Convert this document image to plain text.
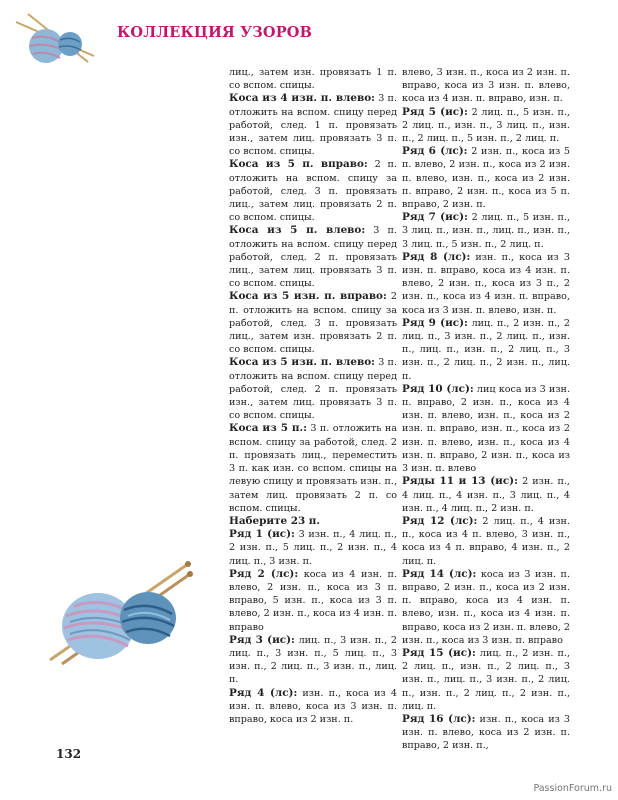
КОЛЛЕКЦИЯ УЗОРОВ

лиц., затем изн. провязать 1 п. со вспом. спицы.

Коса из 4 изн. п. влево: 3 п. отложить на вспом. спицу перед работой, след. 1 п. провязать изн., затем лиц. провязать 3 п. со вспом. спицы.

Коса из 5 п. вправо: 2 п. отложить на вспом. спицу за работой, след. 3 п. провязать лиц., затем лиц. провязать 2 п. со вспом. спицы.

Коса из 5 п. влево: 3 п. отложить на вспом. спицу перед работой, след. 2 п. провязать лиц., затем лиц. провязать 3 п. со вспом. спицы.

Коса из 5 изн. п. вправо: 2 п. отложить на вспом. спицу за работой, след. 3 п. провязать лиц., затем изн. провязать 2 п. со вспом. спицы.

Коса из 5 изн. п. влево: 3 п. отложить на вспом. спицу перед работой, след. 2 п. провязать изн., затем лиц. провязать 3 п. со вспом. спицы.

Коса из 5 п.: 3 п. отложить на вспом. спицу за работой, след. 2 п. провязать лиц., переместить 3 п. как изн. со вспом. спицы на левую спицу и провязать изн. п., затем лиц. провязать 2 п. со вспом. спицы.

Наберите 23 п.

Ряд 1 (ис): 3 изн. п., 4 лиц. п., 2 изн. п., 5 лиц. п., 2 изн. п., 4 лиц. п., 3 изн. п.

Ряд 2 (лс): коса из 4 изн. п. влево, 2 изн. п., коса из 3 п. вправо, 5 изн. п., коса из 3 п. влево, 2 изн. п., коса из 4 изн. п. вправо

Ряд 3 (ис): лиц. п., 3 изн. п., 2 лиц. п., 3 изн. п., 5 лиц. п., 3 изн. п., 2 лиц. п., 3 изн. п., лиц. п.

Ряд 4 (лс): изн. п., коса из 4 изн. п. влево, коса из 3 изн. п. вправо, коса из 2 изн. п.

влево, 3 изн. п., коса из 2 изн. п. вправо, коса из 3 изн. п. влево, коса из 4 изн. п. вправо, изн. п.

Ряд 5 (ис): 2 лиц. п., 5 изн. п., 2 лиц. п., изн. п., 3 лиц. п., изн. п., 2 лиц. п., 5 изн. п., 2 лиц. п.

Ряд 6 (лс): 2 изн. п., коса из 5 п. влево, 2 изн. п., коса из 2 изн. п. влево, изн. п., коса из 2 изн. п. вправо, 2 изн. п., коса из 5 п. вправо, 2 изн. п.

Ряд 7 (ис): 2 лиц. п., 5 изн. п., 3 лиц. п., изн. п., лиц. п., изн. п., 3 лиц. п., 5 изн. п., 2 лиц. п.

Ряд 8 (лс): изн. п., коса из 3 изн. п. вправо, коса из 4 изн. п. влево, 2 изн. п., коса из 3 п., 2 изн. п., коса из 4 изн. п. вправо, коса из 3 изн. п. влево, изн. п.

Ряд 9 (ис): лиц. п., 2 изн. п., 2 лиц. п., 3 изн. п., 2 лиц. п., изн. п., лиц. п., изн. п., 2 лиц. п., 3 изн. п., 2 лиц. п., 2 изн. п., лиц. п.

Ряд 10 (лс): лиц коса из 3 изн. п. вправо, 2 изн. п., коса из 4 изн. п. влево, изн. п., коса из 2 изн. п. вправо, изн. п., коса из 2 изн. п. влево, изн. п., коса из 4 изн. п. вправо, 2 изн. п., коса из 3 изн. п. влево

Ряды 11 и 13 (ис): 2 изн. п., 4 лиц. п., 4 изн. п., 3 лиц. п., 4 изн. п., 4 лиц. п., 2 изн. п.

Ряд 12 (лс): 2 лиц. п., 4 изн. п., коса из 4 п. влево, 3 изн. п., коса из 4 п. вправо, 4 изн. п., 2 лиц. п.

Ряд 14 (лс): коса из 3 изн. п. вправо, 2 изн. п., коса из 2 изн. п. вправо, коса из 4 изн. п. влево, изн. п., коса из 4 изн. п. вправо, коса из 2 изн. п. влево, 2 изн. п., коса из 3 изн. п. вправо

Ряд 15 (ис): лиц. п., 2 изн. п., 2 лиц. п., изн. п., 2 лиц. п., 3 изн. п., лиц. п., 3 изн. п., 2 лиц. п., изн. п., 2 лиц. п., 2 изн. п., лиц. п.

Ряд 16 (лс): изн. п., коса из 3 изн. п. влево, коса из 2 изн. п. вправо, 2 изн. п.,

132
PassionForum.ru
